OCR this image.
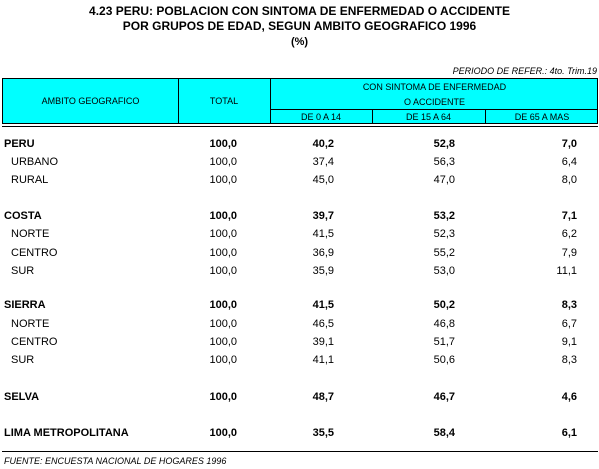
4.23 PERU: POBLACION CON SINTOMA DE ENFERMEDAD O ACCIDENTE
POR GRUPOS DE EDAD, SEGUN AMBITO GEOGRAFICO 1996
(%)
PERIODO DE REFER.: 4to. Trim.19
AMBITO GEOGRAFICO	TOTAL
CON SINTOMA DE ENFERMEDAD
O ACCIDENTE
DE 0 A 14	DE 15 A 64	DE 65 A MAS
PERU	100,0	40,2	52,8	7,0
URBANO	100,0	37,4	56,3	6,4
RURAL	100,0	45,0	47,0	8,0
COSTA	100,0	39,7	53,2	7,1
NORTE	100,0	41,5	52,3	6,2
CENTRO	100,0	36,9	55,2	7,9
SUR	100,0	35,9	53,0	11,1
SIERRA	100,0	41,5	50,2	8,3
NORTE	100,0	46,5	46,8	6,7
CENTRO	100,0	39,1	51,7	9,1
SUR	100,0	41,1	50,6	8,3
SELVA	100,0	48,7	46,7	4,6
LIMA METROPOLITANA	100,0	35,5	58,4	6,1
FUENTE: ENCUESTA NACIONAL DE HOGARES 1996
